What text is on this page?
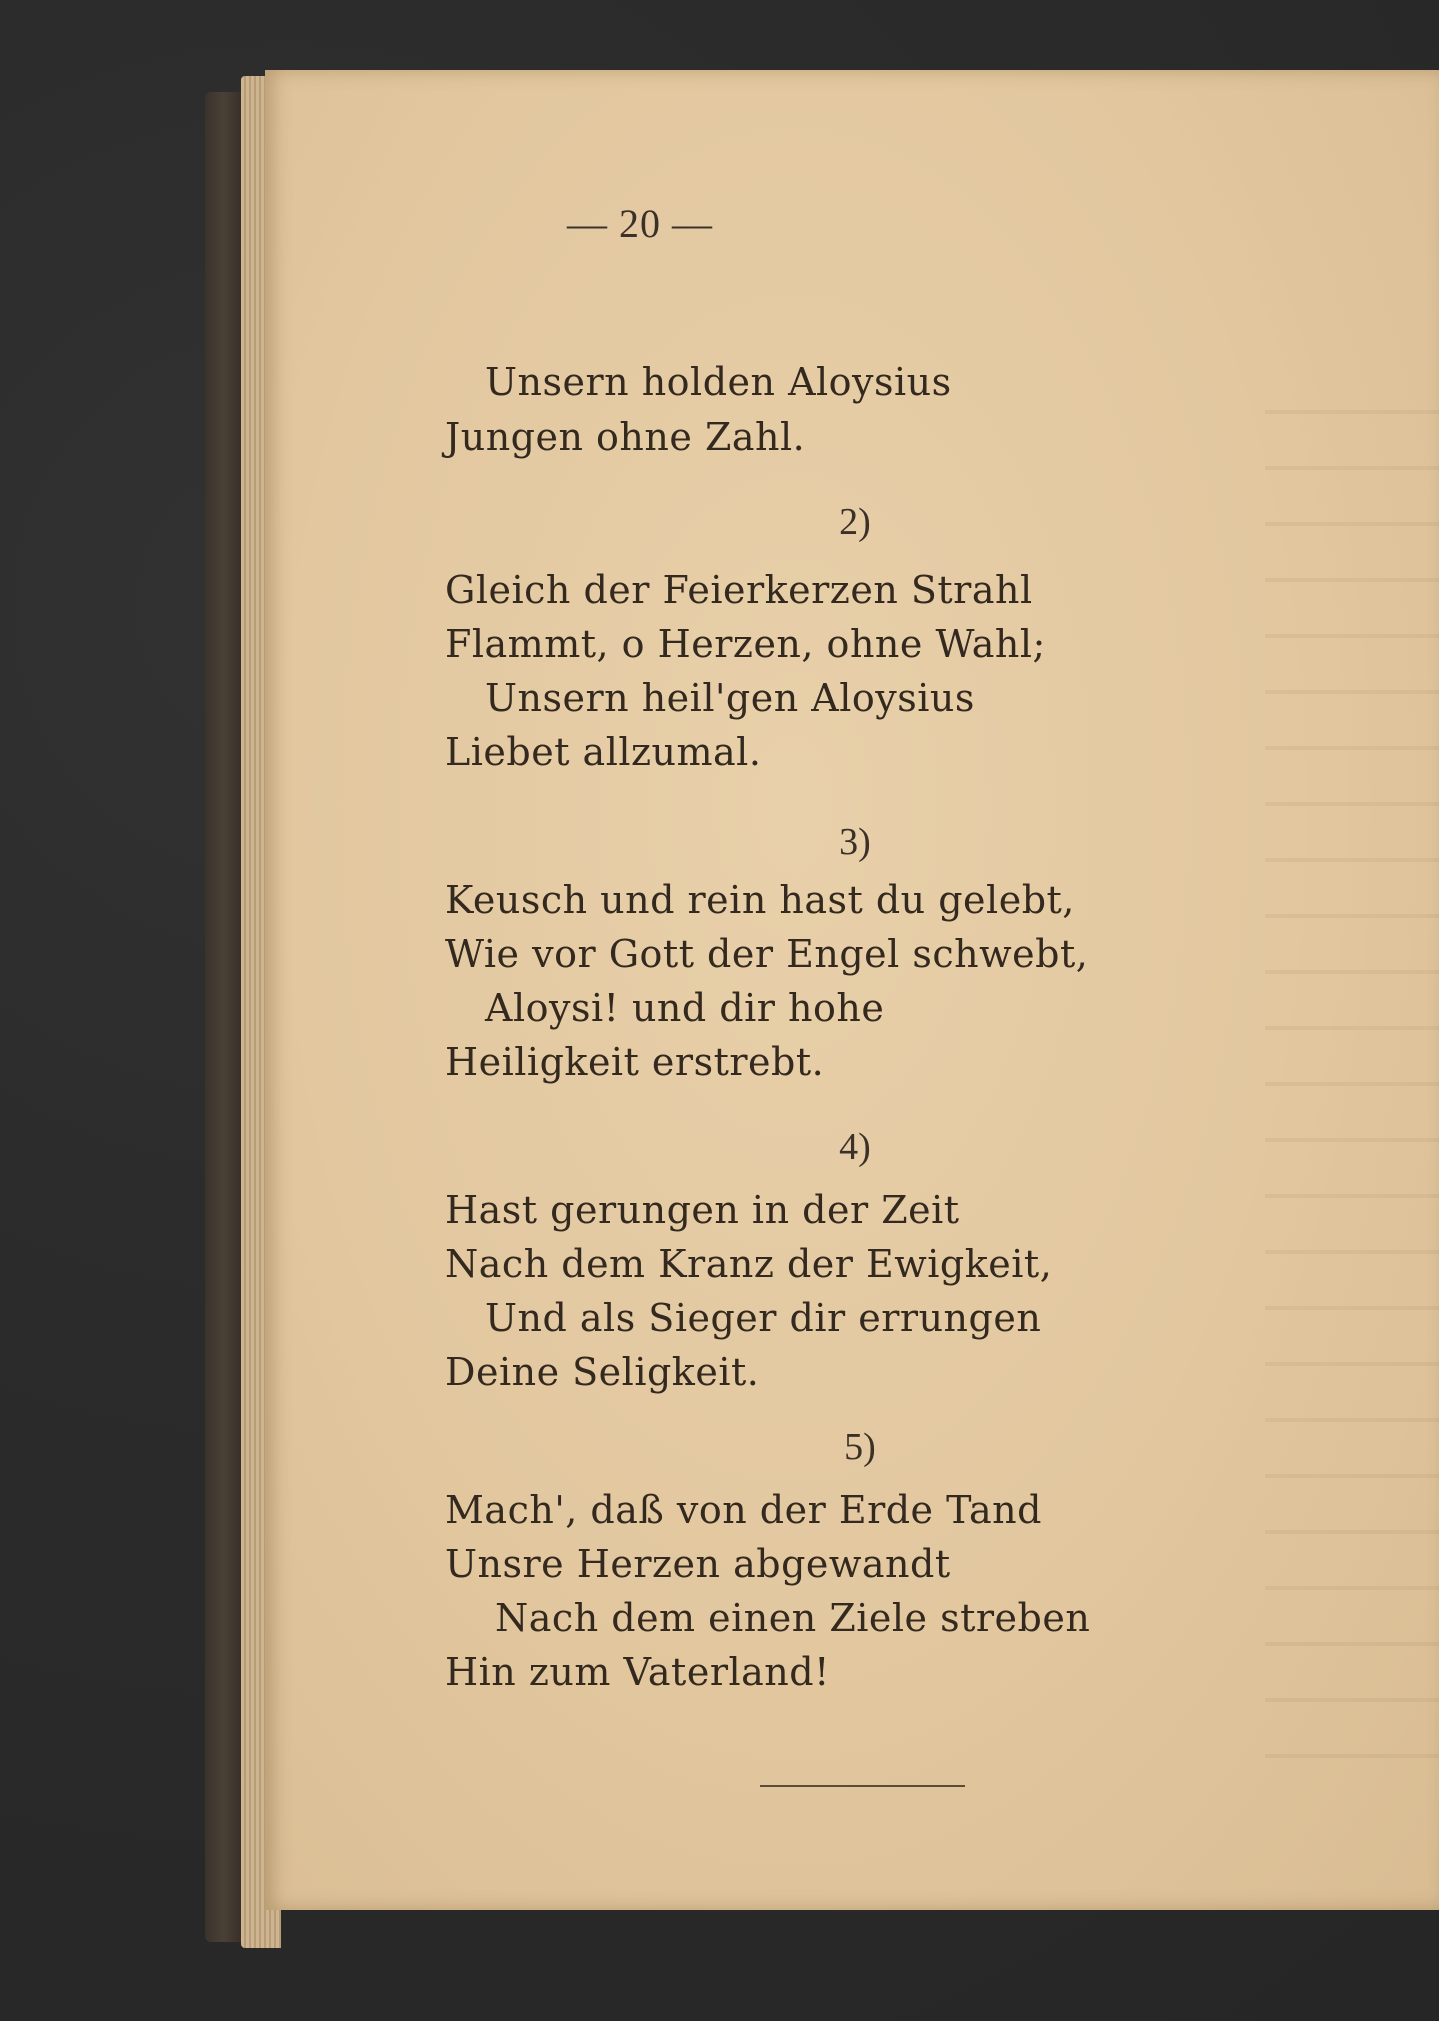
— 20 —
Unsern holden Aloysius
Jungen ohne Zahl.
2)
Gleich der Feierkerzen Strahl
Flammt, o Herzen, ohne Wahl;
Unsern heil'gen Aloysius
Liebet allzumal.
3)
Keusch und rein hast du gelebt,
Wie vor Gott der Engel schwebt,
Aloysi! und dir hohe
Heiligkeit erstrebt.
4)
Hast gerungen in der Zeit
Nach dem Kranz der Ewigkeit,
Und als Sieger dir errungen
Deine Seligkeit.
5)
Mach', daß von der Erde Tand
Unsre Herzen abgewandt
Nach dem einen Ziele streben
Hin zum Vaterland!
